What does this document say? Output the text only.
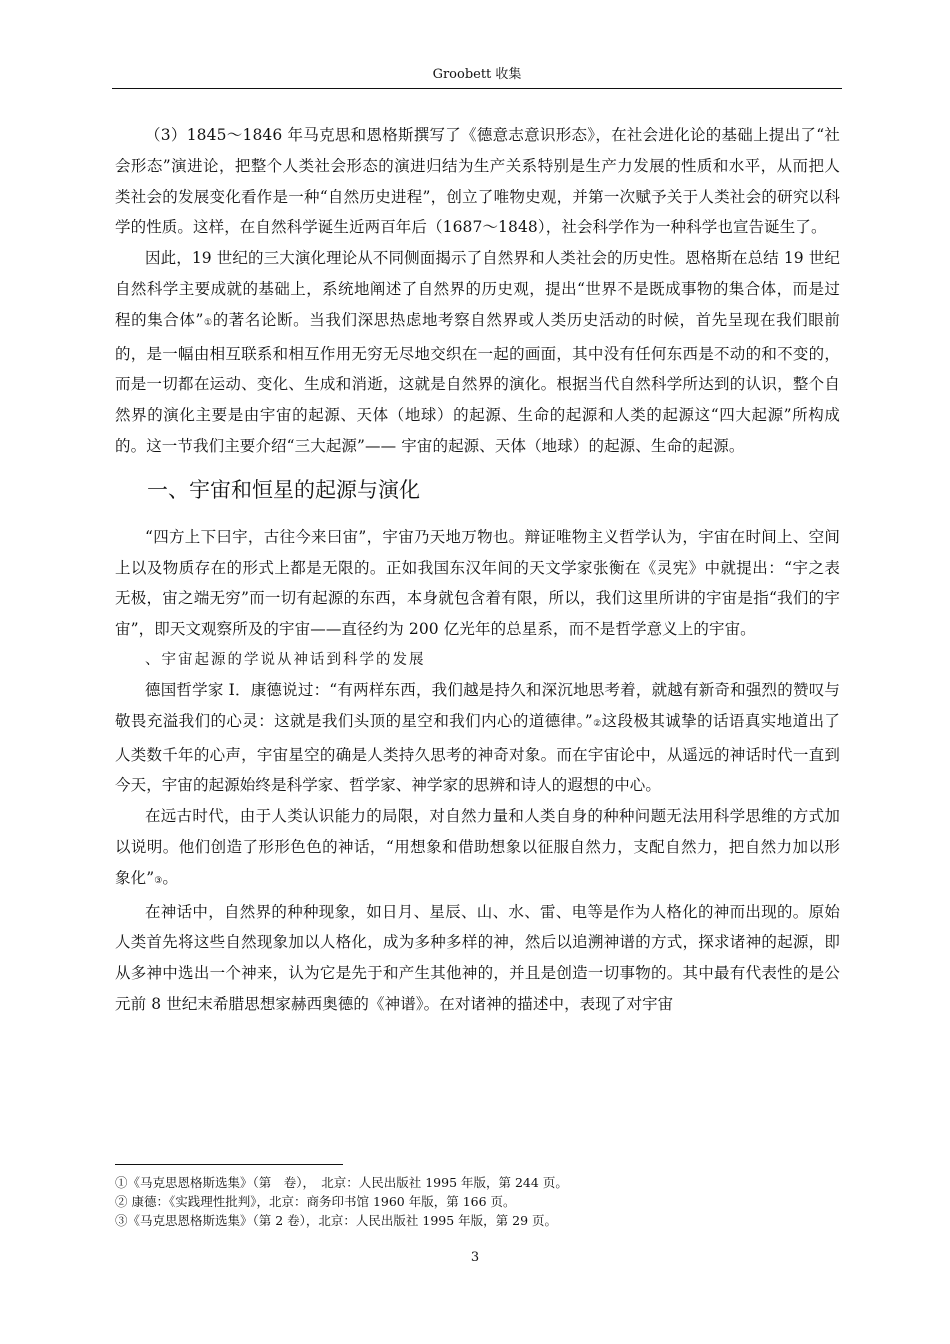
Groobett 收集

（3）1845～1846 年马克思和恩格斯撰写了《德意志意识形态》，在社会进化论的基础上提出了“社会形态”演进论，把整个人类社会形态的演进归结为生产关系特别是生产力发展的性质和水平，从而把人类社会的发展变化看作是一种“自然历史进程”，创立了唯物史观，并第一次赋予关于人类社会的研究以科学的性质。这样，在自然科学诞生近两百年后（1687～1848），社会科学作为一种科学也宣告诞生了。

因此，19 世纪的三大演化理论从不同侧面揭示了自然界和人类社会的历史性。恩格斯在总结 19 世纪自然科学主要成就的基础上，系统地阐述了自然界的历史观，提出“世界不是既成事物的集合体，而是过程的集合体”①的著名论断。当我们深思热虑地考察自然界或人类历史活动的时候，首先呈现在我们眼前的，是一幅由相互联系和相互作用无穷无尽地交织在一起的画面，其中没有任何东西是不动的和不变的，而是一切都在运动、变化、生成和消逝，这就是自然界的演化。根据当代自然科学所达到的认识，整个自然界的演化主要是由宇宙的起源、天体（地球）的起源、生命的起源和人类的起源这“四大起源”所构成的。这一节我们主要介绍“三大起源”—— 宇宙的起源、天体（地球）的起源、生命的起源。

一、宇宙和恒星的起源与演化

“四方上下曰宇，古往今来曰宙”，宇宙乃天地万物也。辩证唯物主义哲学认为，宇宙在时间上、空间上以及物质存在的形式上都是无限的。正如我国东汉年间的天文学家张衡在《灵宪》中就提出：“宇之表无极，宙之端无穷”而一切有起源的东西，本身就包含着有限，所以，我们这里所讲的宇宙是指“我们的宇宙”，即天文观察所及的宇宙——直径约为 200 亿光年的总星系，而不是哲学意义上的宇宙。

、宇宙起源的学说从神话到科学的发展

德国哲学家 I．康德说过：“有两样东西，我们越是持久和深沉地思考着，就越有新奇和强烈的赞叹与敬畏充溢我们的心灵：这就是我们头顶的星空和我们内心的道德律。”②这段极其诚挚的话语真实地道出了人类数千年的心声，宇宙星空的确是人类持久思考的神奇对象。而在宇宙论中，从遥远的神话时代一直到今天，宇宙的起源始终是科学家、哲学家、神学家的思辨和诗人的遐想的中心。

在远古时代，由于人类认识能力的局限，对自然力量和人类自身的种种问题无法用科学思维的方式加以说明。他们创造了形形色色的神话，“用想象和借助想象以征服自然力，支配自然力，把自然力加以形象化”③。

在神话中，自然界的种种现象，如日月、星辰、山、水、雷、电等是作为人格化的神而出现的。原始人类首先将这些自然现象加以人格化，成为多种多样的神，然后以追溯神谱的方式，探求诸神的起源，即从多神中选出一个神来，认为它是先于和产生其他神的，并且是创造一切事物的。其中最有代表性的是公元前 8 世纪末希腊思想家赫西奥德的《神谱》。在对诸神的描述中，表现了对宇宙

①《马克思恩格斯选集》（第　卷），　北京：人民出版社 1995 年版，第 244 页。

② 康德：《实践理性批判》，北京：商务印书馆 1960 年版，第 166 页。

③《马克思恩格斯选集》（第 2 卷），北京：人民出版社 1995 年版，第 29 页。

3
